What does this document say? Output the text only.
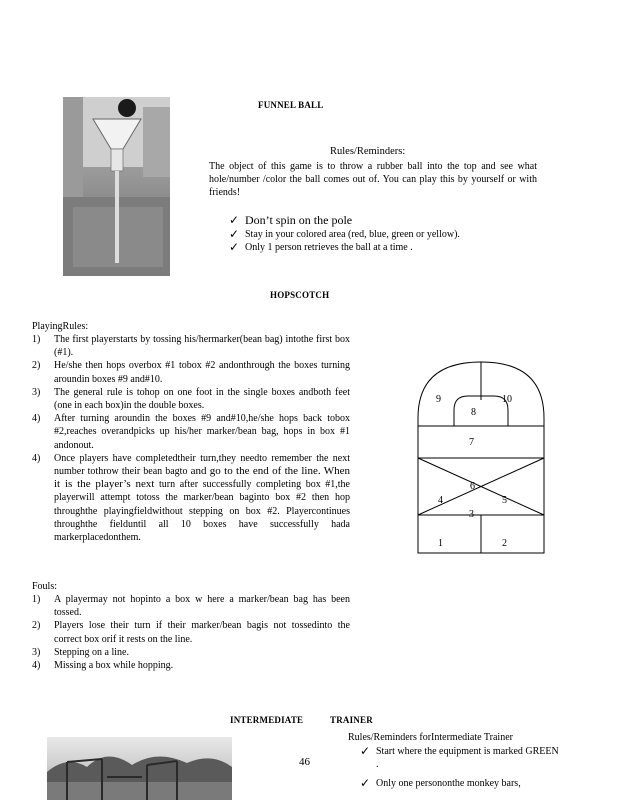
FUNNEL BALL
Rules/Reminders:
The object of this game is to throw a rubber ball into the top and see what hole/number /color the ball comes out of. You can play this by yourself or with friends!
✓ Don’t spin on the pole
✓ Stay in your colored area (red, blue, green or yellow).
✓ Only 1 person retrieves the ball at a time .
HOPSCOTCH
PlayingRules:
1) The first playerstarts by tossing his/hermarker(bean bag) intothe first box (#1).
2) He/she then hops overbox #1 tobox #2 andonthrough the boxes turning aroundin boxes #9 and#10.
3) The general rule is tohop on one foot in the single boxes andboth feet (one in each box)in the double boxes.
4) After turning aroundin the boxes #9 and#10,he/she hops back tobox #2,reaches overandpicks up his/her marker/bean bag, hops in box #1 andonout.
4) Once players have completedtheir turn,they needto remember the next number tothrow their bean bagto and go to the end of the line. When it is the player’s next turn after successfully completing box #1,the playerwill attempt totoss the marker/bean baginto box #2 then hop throughthe playingfieldwithout stepping on box #2. Playercontinues throughthe fielduntil all 10 boxes have successfully hada markerplacedonthem.
Fouls:
1) A playermay not hopinto a box w here a marker/bean bag has been tossed.
2) Players lose their turn if their marker/bean bagis not tossedinto the correct box orif it rests on the line.
3) Stepping on a line.
4) Missing a box while hopping.
9
8
10
7
6
4	5
3
1	2
INTERMEDIATE	TRAINER
46
Rules/Reminders forIntermediate Trainer
✓ Start where the equipment is marked GREEN .
✓ Only one persononthe monkey bars,
